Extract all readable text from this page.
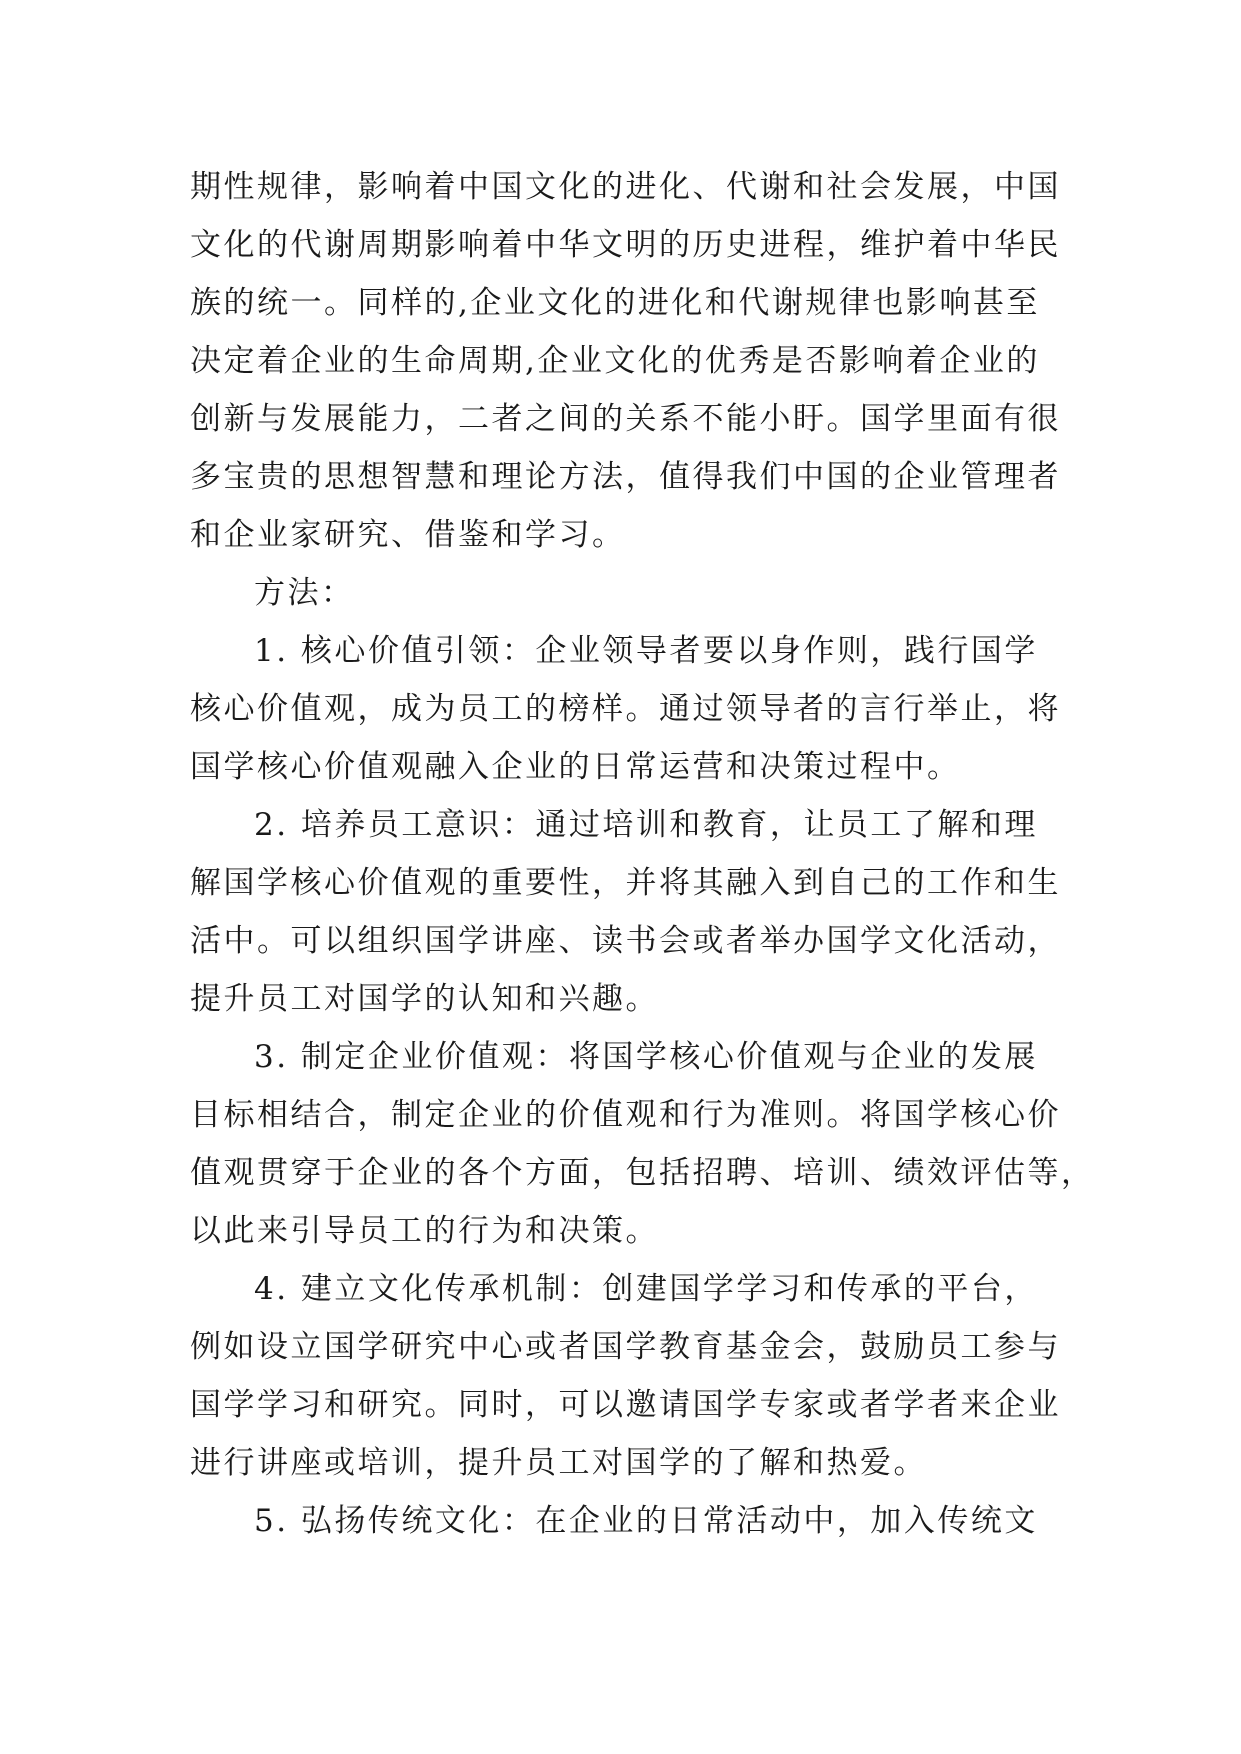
期性规律，影响着中国文化的进化、代谢和社会发展，中国
文化的代谢周期影响着中华文明的历史进程，维护着中华民
族的统一。同样的,企业文化的进化和代谢规律也影响甚至
决定着企业的生命周期,企业文化的优秀是否影响着企业的
创新与发展能力，二者之间的关系不能小盱。国学里面有很
多宝贵的思想智慧和理论方法，值得我们中国的企业管理者
和企业家研究、借鉴和学习。
方法：
1. 核心价值引领：企业领导者要以身作则，践行国学
核心价值观，成为员工的榜样。通过领导者的言行举止，将
国学核心价值观融入企业的日常运营和决策过程中。
2. 培养员工意识：通过培训和教育，让员工了解和理
解国学核心价值观的重要性，并将其融入到自己的工作和生
活中。可以组织国学讲座、读书会或者举办国学文化活动，
提升员工对国学的认知和兴趣。
3. 制定企业价值观：将国学核心价值观与企业的发展
目标相结合，制定企业的价值观和行为准则。将国学核心价
值观贯穿于企业的各个方面，包括招聘、培训、绩效评估等，
以此来引导员工的行为和决策。
4. 建立文化传承机制：创建国学学习和传承的平台，
例如设立国学研究中心或者国学教育基金会，鼓励员工参与
国学学习和研究。同时，可以邀请国学专家或者学者来企业
进行讲座或培训，提升员工对国学的了解和热爱。
5. 弘扬传统文化：在企业的日常活动中，加入传统文
